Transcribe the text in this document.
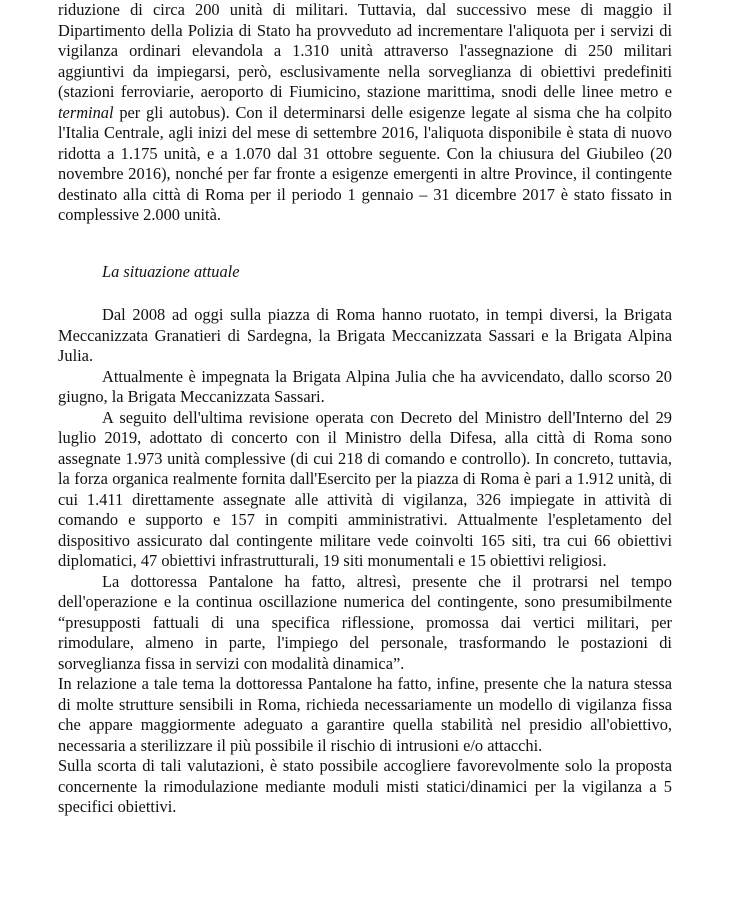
riduzione di circa 200 unità di militari. Tuttavia, dal successivo mese di maggio il Dipartimento della Polizia di Stato ha provveduto ad incrementare l'aliquota per i servizi di vigilanza ordinari elevandola a 1.310 unità attraverso l'assegnazione di 250 militari aggiuntivi da impiegarsi, però, esclusivamente nella sorveglianza di obiettivi predefiniti (stazioni ferroviarie, aeroporto di Fiumicino, stazione marittima, snodi delle linee metro e terminal per gli autobus). Con il determinarsi delle esigenze legate al sisma che ha colpito l'Italia Centrale, agli inizi del mese di settembre 2016, l'aliquota disponibile è stata di nuovo ridotta a 1.175 unità, e a 1.070 dal 31 ottobre seguente. Con la chiusura del Giubileo (20 novembre 2016), nonché per far fronte a esigenze emergenti in altre Province, il contingente destinato alla città di Roma per il periodo 1 gennaio – 31 dicembre 2017 è stato fissato in complessive 2.000 unità.

La situazione attuale

Dal 2008 ad oggi sulla piazza di Roma hanno ruotato, in tempi diversi, la Brigata Meccanizzata Granatieri di Sardegna, la Brigata Meccanizzata Sassari e la Brigata Alpina Julia.

Attualmente è impegnata la Brigata Alpina Julia che ha avvicendato, dallo scorso 20 giugno, la Brigata Meccanizzata Sassari.

A seguito dell'ultima revisione operata con Decreto del Ministro dell'Interno del 29 luglio 2019, adottato di concerto con il Ministro della Difesa, alla città di Roma sono assegnate 1.973 unità complessive (di cui 218 di comando e controllo). In concreto, tuttavia, la forza organica realmente fornita dall'Esercito per la piazza di Roma è pari a 1.912 unità, di cui 1.411 direttamente assegnate alle attività di vigilanza, 326 impiegate in attività di comando e supporto e 157 in compiti amministrativi. Attualmente l'espletamento del dispositivo assicurato dal contingente militare vede coinvolti 165 siti, tra cui 66 obiettivi diplomatici, 47 obiettivi infrastrutturali, 19 siti monumentali e 15 obiettivi religiosi.

La dottoressa Pantalone ha fatto, altresì, presente che il protrarsi nel tempo dell'operazione e la continua oscillazione numerica del contingente, sono presumibilmente “presupposti fattuali di una specifica riflessione, promossa dai vertici militari, per rimodulare, almeno in parte, l'impiego del personale, trasformando le postazioni di sorveglianza fissa in servizi con modalità dinamica”.

In relazione a tale tema la dottoressa Pantalone ha fatto, infine, presente che la natura stessa di molte strutture sensibili in Roma, richieda necessariamente un modello di vigilanza fissa che appare maggiormente adeguato a garantire quella stabilità nel presidio all'obiettivo, necessaria a sterilizzare il più possibile il rischio di intrusioni e/o attacchi.

Sulla scorta di tali valutazioni, è stato possibile accogliere favorevolmente solo la proposta concernente la rimodulazione mediante moduli misti statici/dinamici per la vigilanza a 5 specifici obiettivi.
